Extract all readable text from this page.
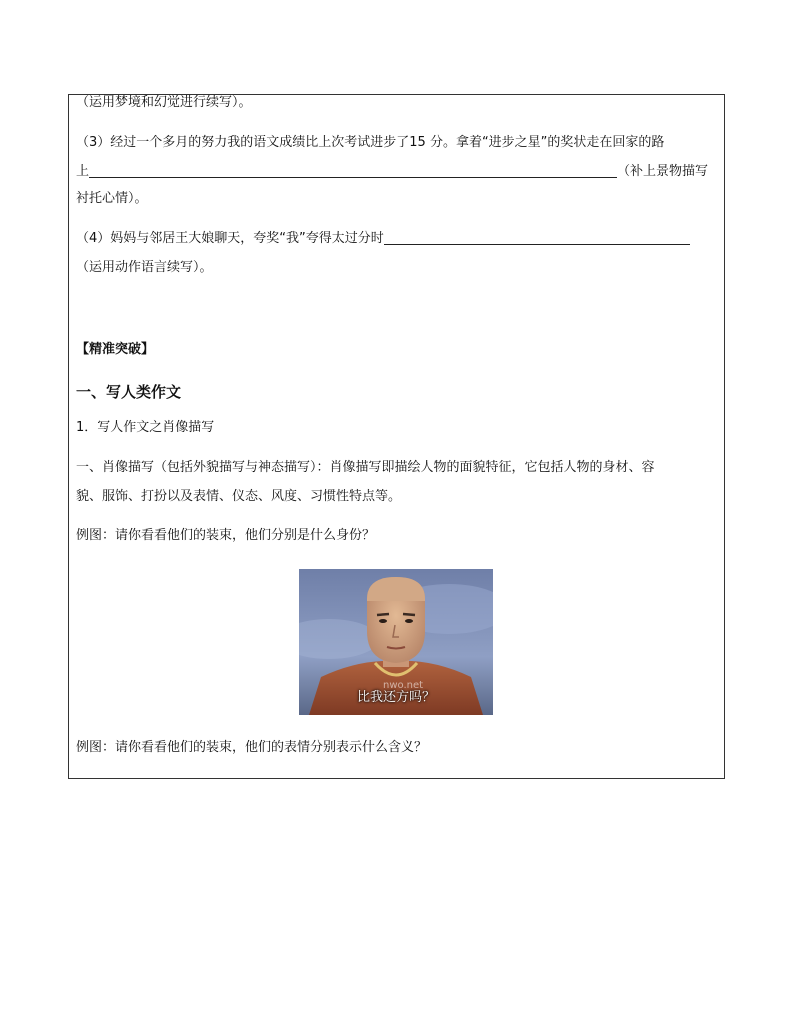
（运用梦境和幻觉进行续写）。
（3）经过一个多月的努力我的语文成绩比上次考试进步了15 分。拿着“进步之星”的奖状走在回家的路
上	（补上景物描写
衬托心情）。
（4）妈妈与邻居王大娘聊天，夸奖“我”夸得太过分时
（运用动作语言续写）。
【精准突破】
一、写人类作文
1．写人作文之肖像描写
一、肖像描写（包括外貌描写与神态描写）：肖像描写即描绘人物的面貌特征，它包括人物的身材、容
貌、服饰、打扮以及表情、仪态、风度、习惯性特点等。
例图：请你看看他们的装束，他们分别是什么身份？
nwo.net
比我还方吗？
例图：请你看看他们的装束，他们的表情分别表示什么含义？
